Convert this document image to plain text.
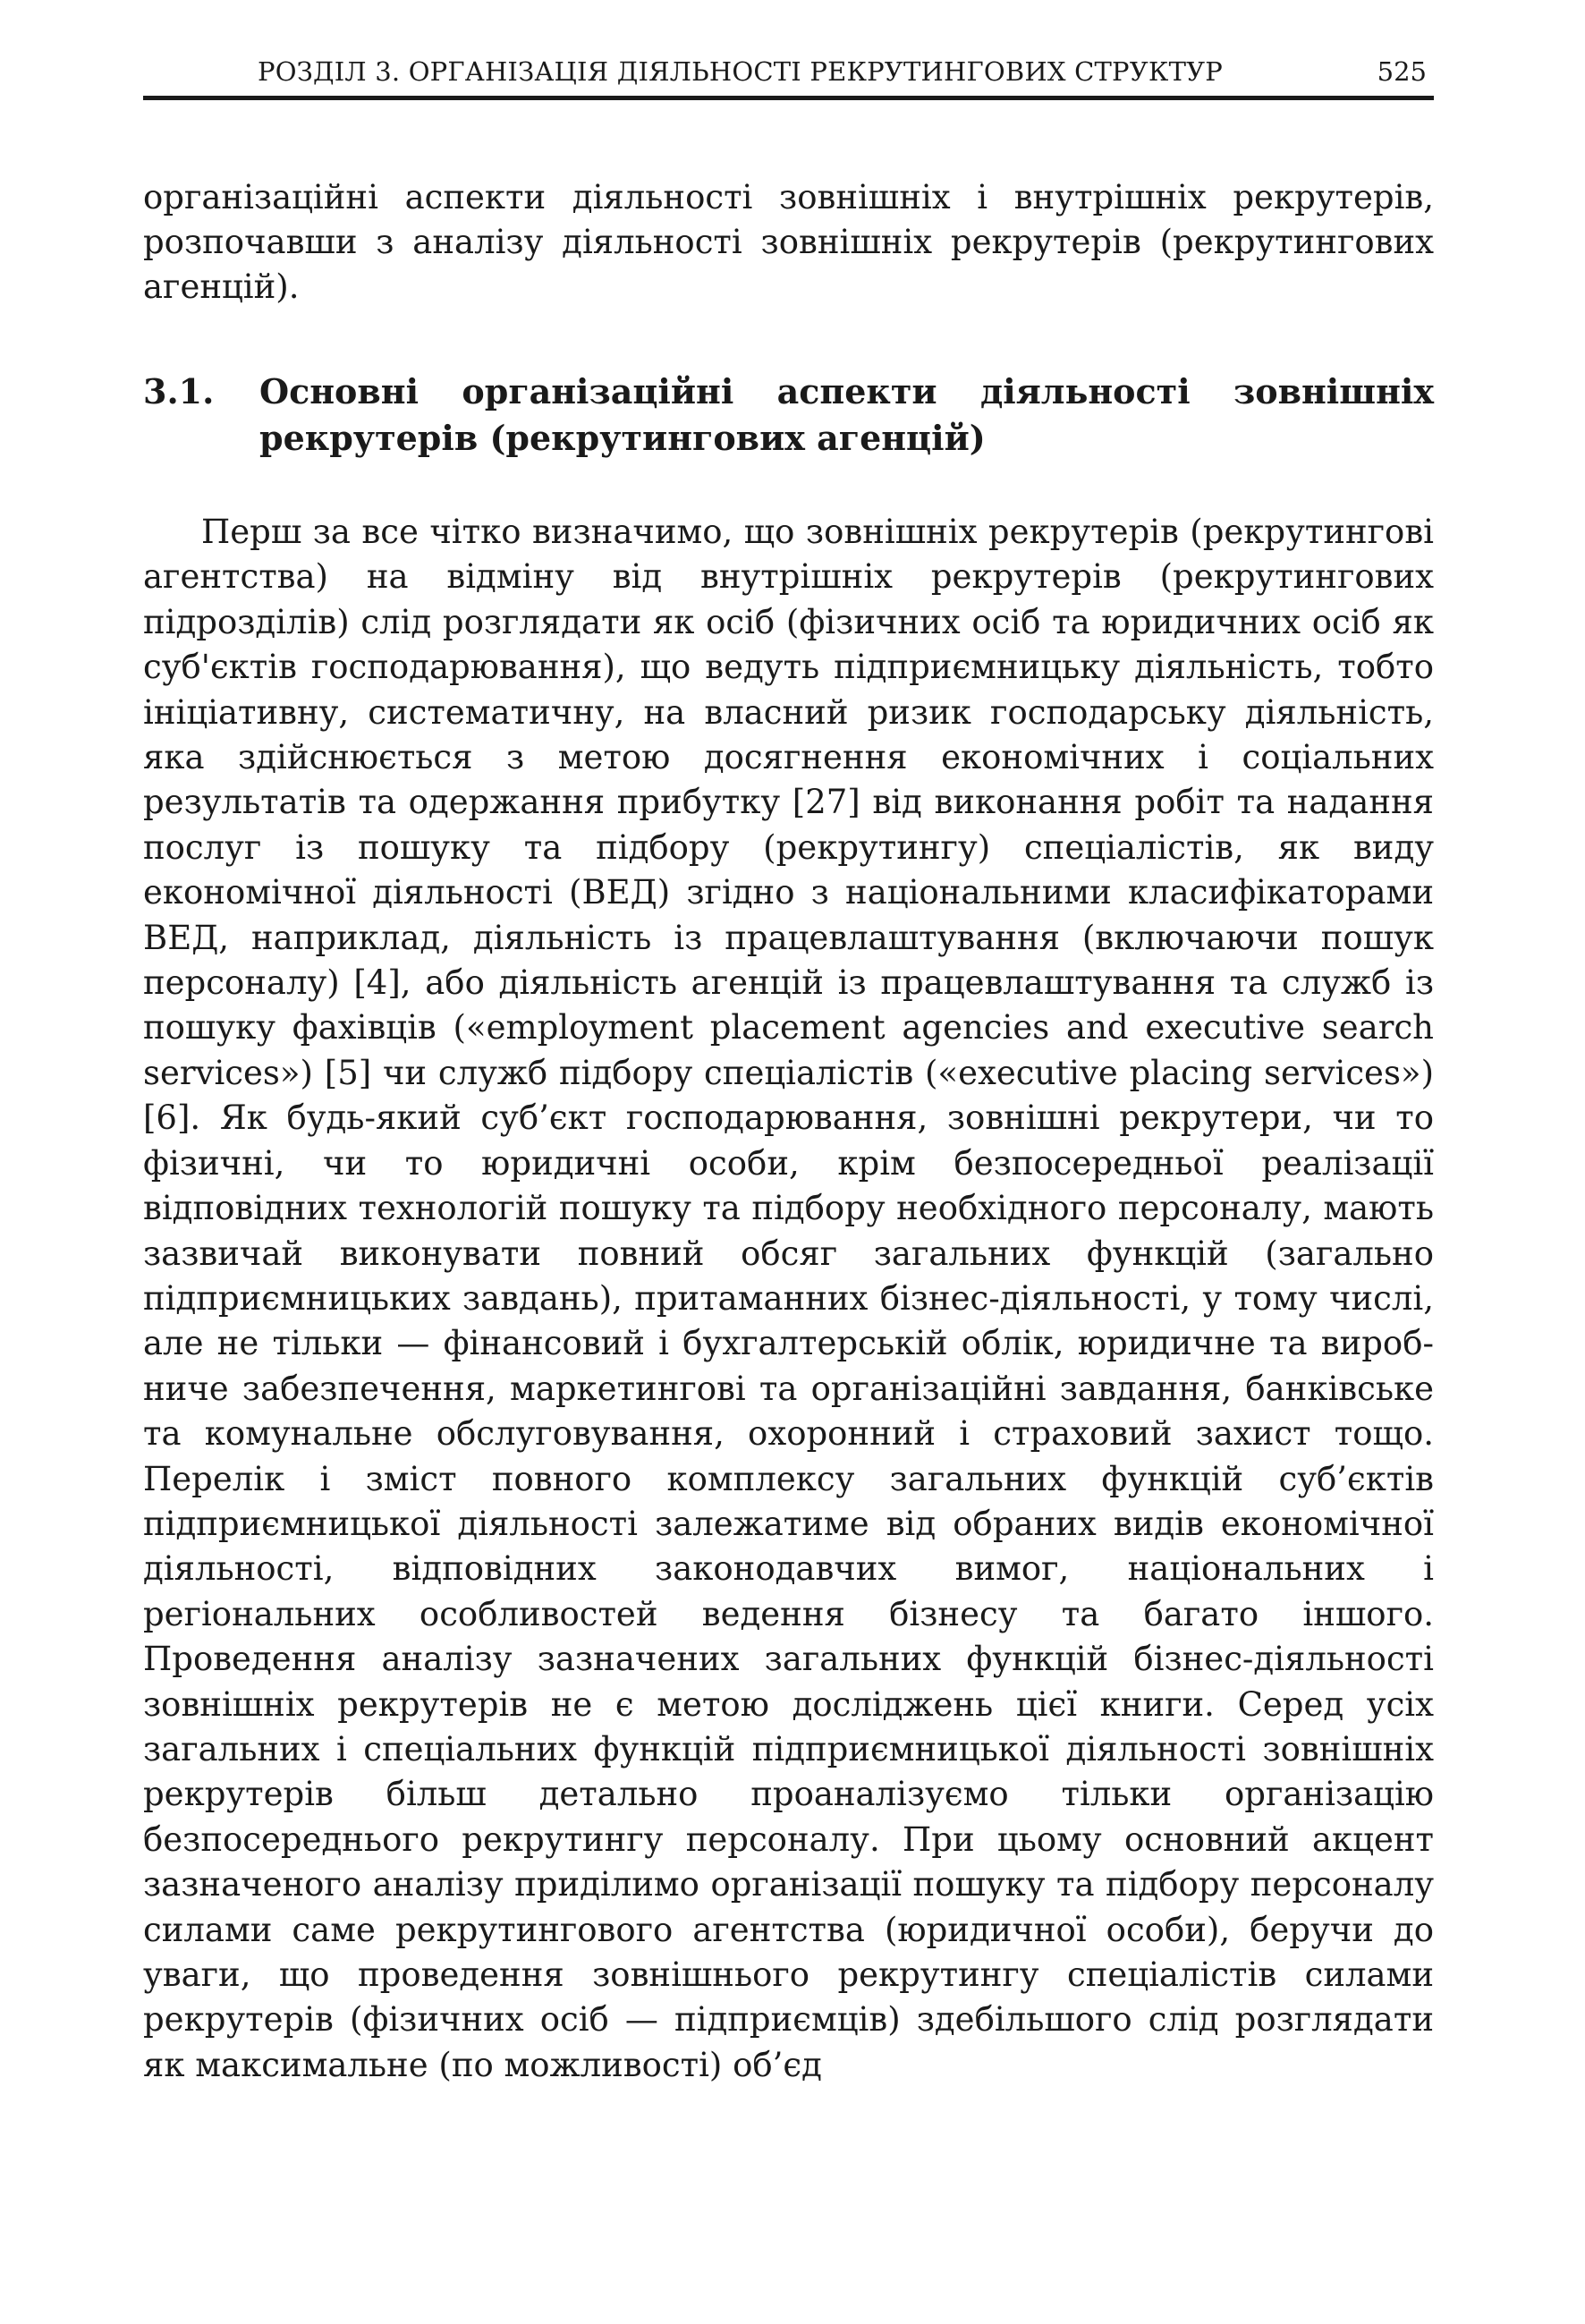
РОЗДІЛ 3. ОРГАНІЗАЦІЯ ДІЯЛЬНОСТІ РЕКРУТИНГОВИХ СТРУКТУР	525

організаційні аспекти діяльності зовнішніх і внутрішніх рекрутерів, розпочавши з аналізу діяльності зовнішніх рекрутерів (рекрутингових агенцій).

3.1. Основні організаційні аспекти діяльності зовнішніх рекрутерів (рекрутингових агенцій)

Перш за все чітко визначимо, що зовнішніх рекрутерів (рекрутингові агентства) на відміну від внутрішніх рекрутерів (рекрутингових підрозділів) слід розглядати як осіб (фізичних осіб та юридичних осіб як суб'єктів господарювання), що ведуть підприємницьку діяльність, тобто ініціативну, систематичну, на власний ризик господарську діяльність, яка здійснюється з метою досягнення економічних і соціальних результатів та одержання прибутку [27] від виконання робіт та надання послуг із пошуку та підбору (рекрутингу) спеціалістів, як виду економічної діяльності (ВЕД) згідно з національними класифікаторами ВЕД, наприклад, діяльність із працевлаштування (включаючи пошук персоналу) [4], або діяльність агенцій із працевлаштування та служб із пошуку фахівців («employment placement agencies and executive search services») [5] чи служб підбору спеціалістів («executive placing services») [6]. Як будь-який суб’єкт господарювання, зовнішні рекрутери, чи то фізичні, чи то юридичні особи, крім безпосередньої реалізації відповідних технологій пошуку та підбору необхідного персоналу, мають зазвичай виконувати повний обсяг загальних функцій (загально підприємницьких завдань), притаманних бізнес-діяльності, у тому числі, але не тільки — фінансовий і бухгалтерській облік, юридичне та виробниче забезпечення, маркетингові та організаційні завдання, банківське та комунальне обслуговування, охоронний і страховий захист тощо. Перелік і зміст повного комплексу загальних функцій суб’єктів підприємницької діяльності залежатиме від обраних видів економічної діяльності, відповідних законодавчих вимог, національних і регіональних особливостей ведення бізнесу та багато іншого. Проведення аналізу зазначених загальних функцій бізнес-діяльності зовнішніх рекрутерів не є метою досліджень цієї книги. Серед усіх загальних і спеціальних функцій підприємницької діяльності зовнішніх рекрутерів більш детально проаналізуємо тільки організацію безпосереднього рекрутингу персоналу. При цьому основний акцент зазначеного аналізу приділимо організації пошуку та підбору персоналу силами саме рекрутингового агентства (юридичної особи), беручи до уваги, що проведення зовнішнього рекрутингу спеціалістів силами рекрутерів (фізичних осіб — підприємців) здебільшого слід розглядати як максимальне (по можливості) об’єд
